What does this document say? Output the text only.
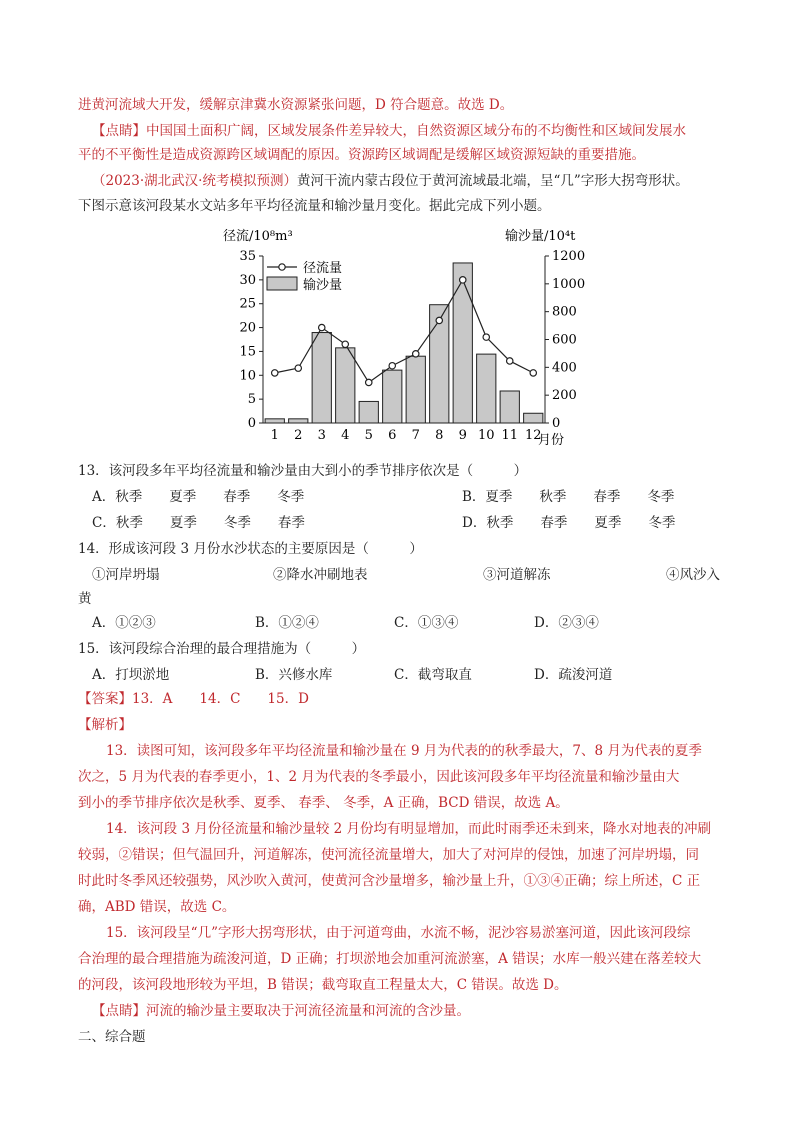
进黄河流域大开发，缓解京津冀水资源紧张问题，D 符合题意。故选 D。
【点睛】中国国土面积广阔，区域发展条件差异较大，自然资源区域分布的不均衡性和区域间发展水
平的不平衡性是造成资源跨区域调配的原因。资源跨区域调配是缓解区域资源短缺的重要措施。
（2023·湖北武汉·统考模拟预测）黄河干流内蒙古段位于黄河流域最北端，呈“几”字形大拐弯形状。
下图示意该河段某水文站多年平均径流量和输沙量月变化。据此完成下列小题。
径流/10⁸m³	输沙量/10⁴t
月份
0
5
10
15
20
25
30
35
0
200
400
600
800
1000
1200
1 2 3 4 5 6 7 8 9 10 11 12
径流量
输沙量
13．该河段多年平均径流量和输沙量由大到小的季节排序依次是（　　　）
A．秋季　　夏季　　春季　　冬季	B．夏季　　秋季　　春季　　冬季
C．秋季　　夏季　　冬季　　春季	D．秋季　　春季　　夏季　　冬季
14．形成该河段 3 月份水沙状态的主要原因是（　　　）
①河岸坍塌	②降水冲刷地表	③河道解冻	④风沙入
黄
A．①②③	B．①②④	C．①③④	D．②③④
15．该河段综合治理的最合理措施为（　　　）
A．打坝淤地	B．兴修水库	C．截弯取直	D．疏浚河道
【答案】13．A　　14．C　　15．D
【解析】
13．读图可知，该河段多年平均径流量和输沙量在 9 月为代表的的秋季最大，7、8 月为代表的夏季
次之，5 月为代表的春季更小，1、2 月为代表的冬季最小，因此该河段多年平均径流量和输沙量由大
到小的季节排序依次是秋季、夏季、 春季、 冬季，A 正确，BCD 错误，故选 A。
14．该河段 3 月份径流量和输沙量较 2 月份均有明显增加，而此时雨季还未到来，降水对地表的冲刷
较弱，②错误；但气温回升，河道解冻，使河流径流量增大，加大了对河岸的侵蚀，加速了河岸坍塌，同
时此时冬季风还较强势，风沙吹入黄河，使黄河含沙量增多，输沙量上升，①③④正确；综上所述，C 正
确，ABD 错误，故选 C。
15．该河段呈“几”字形大拐弯形状，由于河道弯曲，水流不畅，泥沙容易淤塞河道，因此该河段综
合治理的最合理措施为疏浚河道，D 正确；打坝淤地会加重河流淤塞，A 错误；水库一般兴建在落差较大
的河段，该河段地形较为平坦，B 错误；截弯取直工程量太大，C 错误。故选 D。
【点睛】河流的输沙量主要取决于河流径流量和河流的含沙量。
二、综合题
